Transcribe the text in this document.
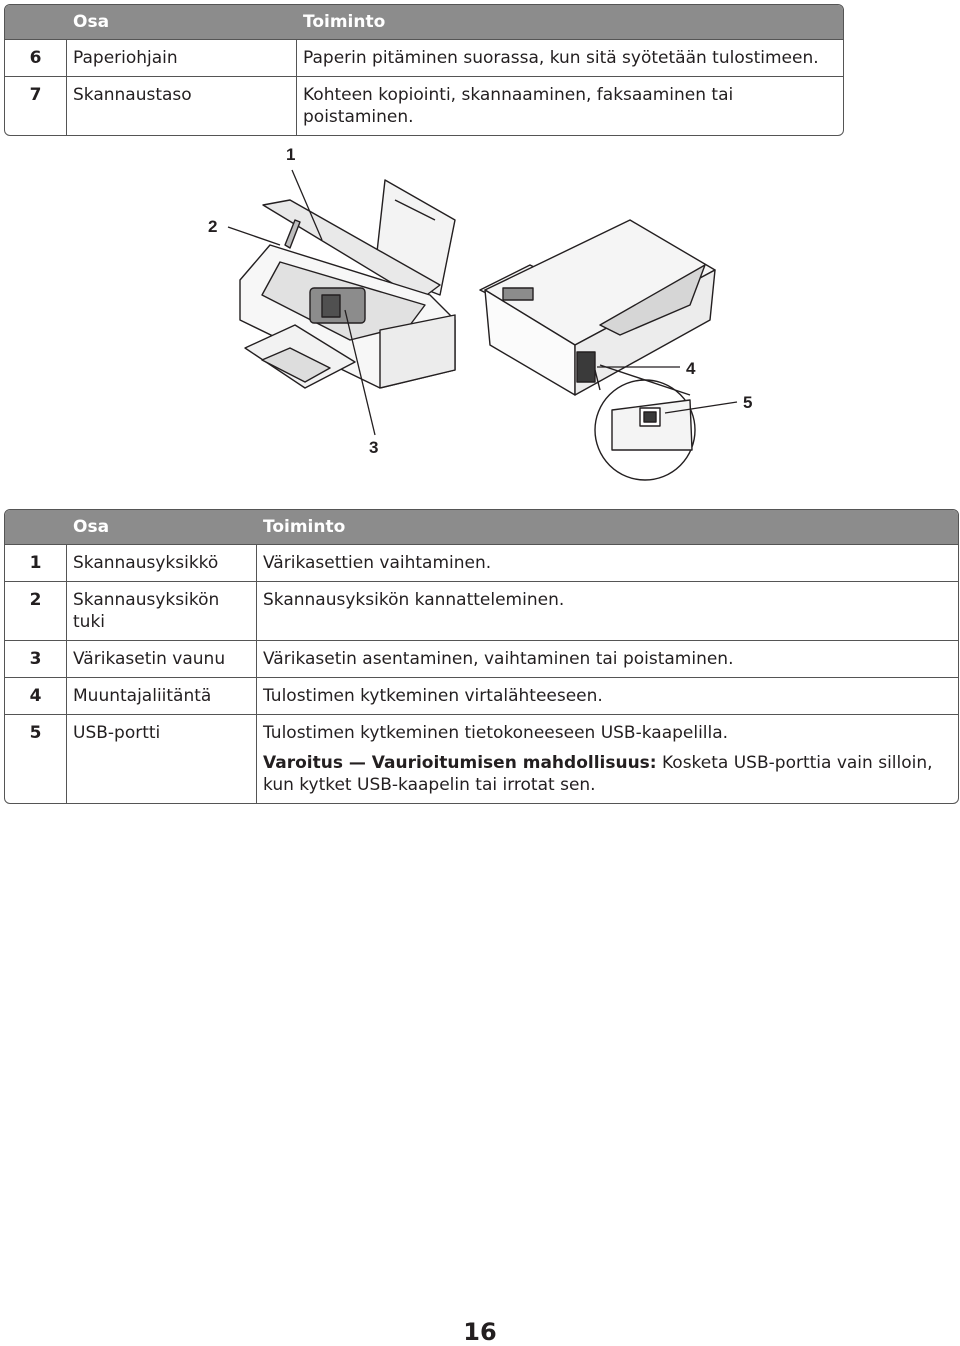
	Osa	Toiminto
6	Paperiohjain	Paperin pitäminen suorassa, kun sitä syötetään tulostimeen.
7	Skannaustaso	Kohteen kopiointi, skannaaminen, faksaaminen tai poistaminen.
1
2
3
4
5
	Osa	Toiminto
1	Skannausyksikkö	Värikasettien vaihtaminen.
2	Skannausyksikön tuki	Skannausyksikön kannatteleminen.
3	Värikasetin vaunu	Värikasetin asentaminen, vaihtaminen tai poistaminen.
4	Muuntajaliitäntä	Tulostimen kytkeminen virtalähteeseen.
5	USB-portti	Tulostimen kytkeminen tietokoneeseen USB-kaapelilla.
Varoitus — Vaurioitumisen mahdollisuus: Kosketa USB-porttia vain silloin, kun kytket USB-kaapelin tai irrotat sen.
16
